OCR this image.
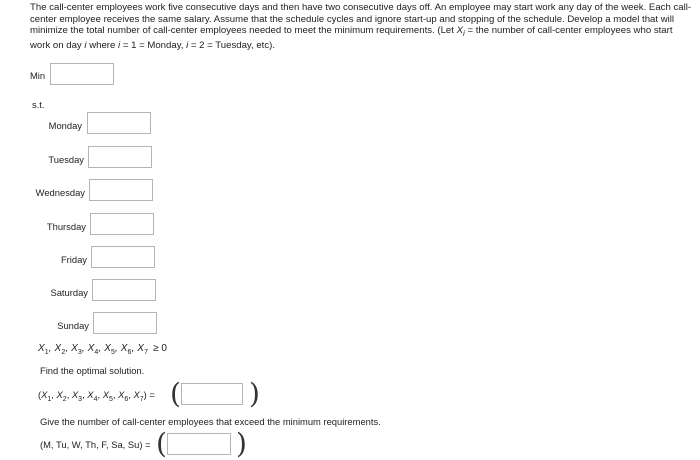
The call-center employees work five consecutive days and then have two consecutive days off. An employee may start work any day of the week. Each call-center employee receives the same salary. Assume that the schedule cycles and ignore start-up and stopping of the schedule. Develop a model that will minimize the total number of call-center employees needed to meet the minimum requirements. (Let $X_i$ = the number of call-center employees who start work on day i where i = 1 = Monday, i = 2 = Tuesday, etc).
Min
s.t.
Monday
Tuesday
Wednesday
Thursday
Friday
Saturday
Sunday
$X_1$, $X_2$, $X_3$, $X_4$, $X_5$, $X_6$, $X_7 \ge 0$
Find the optimal solution.
($X_1$, $X_2$, $X_3$, $X_4$, $X_5$, $X_6$, $X_7$) = ( )
Give the number of call-center employees that exceed the minimum requirements.
(M, Tu, W, Th, F, Sa, Su) = ( )
